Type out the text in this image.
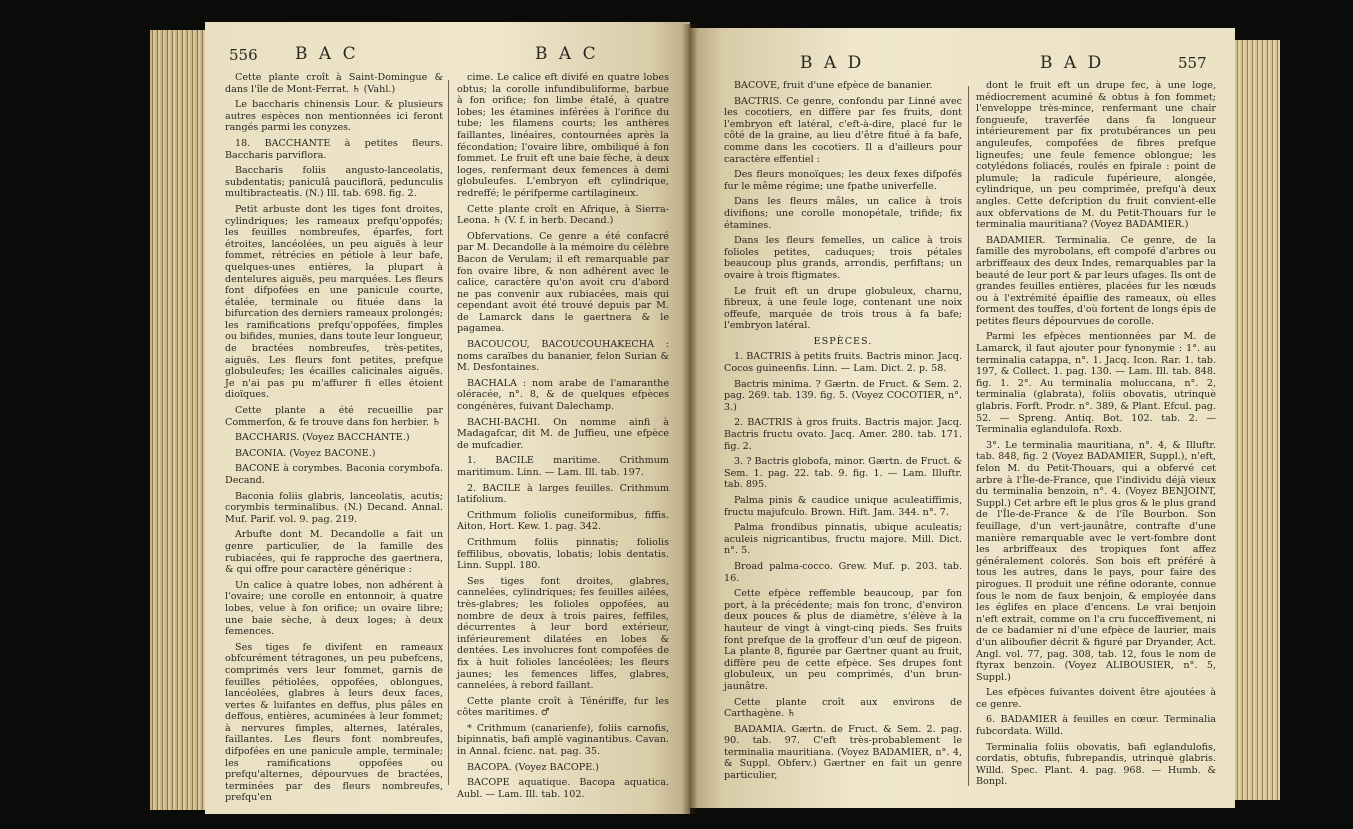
556 B A C	B A C

Cette plante croît à Saint-Domingue & dans l'île de Mont-Ferrat. ♄ (Vahl.)

Le baccharis chinensis Lour. & plusieurs autres espèces non mentionnées ici feront rangés parmi les conyzes.

18. BACCHANTE à petites fleurs. Baccharis parviflora.

Baccharis foliis angusto-lanceolatis, subdentatis; paniculâ paucifloră, pedunculis multibracteatis. (N.) Ill. tab. 698. fig. 2.

Petit arbuste dont les tiges font droites, cylindriques; les rameaux prefqu'oppofés; les feuilles nombreufes, éparfes, fort étroites, lancéolées, un peu aiguës à leur fommet, rétrécies en pétiole à leur bafe, quelques-unes entières, la plupart à dentelures aiguës, peu marquées. Les fleurs font difpofées en une panicule courte, étalée, terminale ou fituée dans la bifurcation des derniers rameaux prolongés; les ramifications prefqu'oppofées, fimples ou bifides, munies, dans toute leur longueur, de bractées nombreufes, très-petites, aiguës. Les fleurs font petites, prefque globuleufes; les écailles calicinales aiguës. Je n'ai pas pu m'affurer fi elles étoient dioïques.

Cette plante a été recueillie par Commerfon, & fe trouve dans fon herbier. ♄

BACCHARIS. (Voyez BACCHANTE.)

BACONIA. (Voyez BACONE.)

BACONE à corymbes. Baconia corymbofa. Decand.

Baconia foliis glabris, lanceolatis, acutis; corymbis terminalibus. (N.) Decand. Annal. Muf. Parif. vol. 9. pag. 219.

Arbufte dont M. Decandolle a fait un genre particulier, de la famille des rubiacées, qui fe rapproche des gaertnera, & qui offre pour caractère générique :

Un calice à quatre lobes, non adhérent à l'ovaire; une corolle en entonnoir, à quatre lobes, velue à fon orifice; un ovaire libre; une baie sèche, à deux loges; à deux femences.

Ses tiges fe divifent en rameaux obfcurément tétragones, un peu pubefcens, comprimés vers leur fommet, garnis de feuilles pétiolées, oppofées, oblongues, lancéolées, glabres à leurs deux faces, vertes & luifantes en deffus, plus pâles en deffous, entières, acuminées à leur fommet; à nervures fimples, alternes, latérales, faillantes. Les fleurs font nombreufes, difpofées en une panicule ample, terminale; les ramifications oppofées ou prefqu'alternes, dépourvues de bractées, terminées par des fleurs nombreufes, prefqu'en

cime. Le calice eft divifé en quatre lobes obtus; la corolle infundibuliforme, barbue à fon orifice; fon limbe étalé, à quatre lobes; les étamines inférées à l'orifice du tube; les filamens courts; les anthères faillantes, linéaires, contournées après la fécondation; l'ovaire libre, ombiliqué à fon fommet. Le fruit eft une baie fèche, à deux loges, renfermant deux femences à demi globuleufes. L'embryon eft cylindrique, redreffé; le périfperme cartilagineux.

Cette plante croît en Afrique, à Sierra-Leona. ♄ (V. f. in herb. Decand.)

Obfervations. Ce genre a été confacré par M. Decandolle à la mémoire du célèbre Bacon de Verulam; il eft remarquable par fon ovaire libre, & non adhérent avec le calice, caractère qu'on avoit cru d'abord ne pas convenir aux rubiacées, mais qui cependant avoit été trouvé depuis par M. de Lamarck dans le gaertnera & le pagamea.

BACOUCOU, BACOUCOUHAKECHA : noms caraïbes du bananier, felon Surian & M. Desfontaines.

BACHALA : nom arabe de l'amaranthe oléracée, n°. 8, & de quelques efpèces congénères, fuivant Dalechamp.

BACHI-BACHI. On nomme ainfi à Madagafcar, dit M. de Juffieu, une efpèce de mufcadier.

1. BACILE maritime. Crithmum maritimum. Linn. — Lam. Ill. tab. 197.

2. BACILE à larges feuilles. Crithmum latifolium.

Crithmum foliolis cuneiformibus, fiffis. Aiton, Hort. Kew. 1. pag. 342.

Crithmum foliis pinnatis; foliolis feffilibus, obovatis, lobatis; lobis dentatis. Linn. Suppl. 180.

Ses tiges font droites, glabres, cannelées, cylindriques; fes feuilles ailées, très-glabres; les folioles oppofées, au nombre de deux à trois paires, feffiles, décurrentes à leur bord extérieur, inférieurement dilatées en lobes & dentées. Les involucres font compofées de fix à huit folioles lancéolées; les fleurs jaunes; les femences liffes, glabres, cannelées, à rebord faillant.

Cette plante croît à Ténériffe, fur les côtes maritimes. ♂

* Crithmum (canarienfe), foliis carnofis, bipinnatis, bafi amplè vaginantibus. Cavan. in Annal. fcienc. nat. pag. 35.

BACOPA. (Voyez BACOPE.)

BACOPE aquatique. Bacopa aquatica. Aubl. — Lam. Ill. tab. 102.

B A D	B A D	557

BACOVE, fruit d'une efpèce de bananier.

BACTRIS. Ce genre, confondu par Linné avec les cocotiers, en diffère par fes fruits, dont l'embryon eft latéral, c'eft-à-dire, placé fur le côté de la graine, au lieu d'être fitué à fa bafe, comme dans les cocotiers. Il a d'ailleurs pour caractère effentiel :

Des fleurs monoïques; les deux fexes difpofés fur le même régime; une fpathe univerfelle.

Dans les fleurs mâles, un calice à trois divifions; une corolle monopétale, trifide; fix étamines.

Dans les fleurs femelles, un calice à trois folioles petites, caduques; trois pétales beaucoup plus grands, arrondis, perfiftans; un ovaire à trois ftigmates.

Le fruit eft un drupe globuleux, charnu, fibreux, à une feule loge, contenant une noix offeufe, marquée de trois trous à fa bafe; l'embryon latéral.

ESPÈCES.

1. BACTRIS à petits fruits. Bactris minor. Jacq. Cocos guineenfis. Linn. — Lam. Dict. 2. p. 58.

Bactris minima. ? Gærtn. de Fruct. & Sem. 2. pag. 269. tab. 139. fig. 5. (Voyez COCOTIER, n°. 3.)

2. BACTRIS à gros fruits. Bactris major. Jacq. Bactris fructu ovato. Jacq. Amer. 280. tab. 171. fig. 2.

3. ? Bactris globofa, minor. Gærtn. de Fruct. & Sem. 1. pag. 22. tab. 9. fig. 1. — Lam. Illuftr. tab. 895.

Palma pinis & caudice unique aculeatiffimis, fructu majufculo. Brown. Hift. Jam. 344. n°. 7.

Palma frondibus pinnatis, ubique aculeatis; aculeis nigricantibus, fructu majore. Mill. Dict. n°. 5.

Broad palma-cocco. Grew. Muf. p. 203. tab. 16.

Cette efpèce reffemble beaucoup, par fon port, à la précédente; mais fon tronc, d'environ deux pouces & plus de diamètre, s'élève à la hauteur de vingt à vingt-cinq pieds. Ses fruits font prefque de la groffeur d'un œuf de pigeon. La plante 8, figurée par Gærtner quant au fruit, diffère peu de cette efpèce. Ses drupes font globuleux, un peu comprimés, d'un brun-jaunâtre.

Cette plante croît aux environs de Carthagène. ♄

BADAMIA. Gærtn. de Fruct. & Sem. 2. pag. 90. tab. 97. C'eft très-probablement le terminalia mauritiana. (Voyez BADAMIER, n°. 4, & Suppl. Obferv.) Gærtner en fait un genre particulier,

dont le fruit eft un drupe fec, à une loge, médiocrement acuminé & obtus à fon fommet; l'enveloppe très-mince, renfermant une chair fongueufe, traverfée dans fa longueur intérieurement par fix protubérances un peu anguleufes, compofées de fibres prefque ligneufes; une feule femence oblongue; les cotylédons foliacés, roulés en fpirale : point de plumule; la radicule fupérieure, alongée, cylindrique, un peu comprimée, prefqu'à deux angles. Cette defcription du fruit convient-elle aux obfervations de M. du Petit-Thouars fur le terminalia mauritiana? (Voyez BADAMIER.)

BADAMIER. Terminalia. Ce genre, de la famille des myrobolans, eft compofé d'arbres ou arbriffeaux des deux Indes, remarquables par la beauté de leur port & par leurs ufages. Ils ont de grandes feuilles entières, placées fur les nœuds ou à l'extrémité épaiflie des rameaux, où elles forment des touffes, d'où fortent de longs épis de petites fleurs dépourvues de corolle.

Parmi les efpèces mentionnées par M. de Lamarck, il faut ajouter pour fynonymie : 1°. au terminalia catappa, n°. 1. Jacq. Icon. Rar. 1. tab. 197, & Collect. 1. pag. 130. — Lam. Ill. tab. 848. fig. 1. 2°. Au terminalia moluccana, n°. 2, terminalia (glabrata), foliis obovatis, utrinquè glabris. Forft. Prodr. n°. 389, & Plant. Efcul. pag. 52. — Spreng. Antiq. Bot. 102. tab. 2. — Terminalia eglandulofa. Roxb.

3°. Le terminalia mauritiana, n°. 4, & Illuftr. tab. 848, fig. 2 (Voyez BADAMIER, Suppl.), n'eft, felon M. du Petit-Thouars, qui a obfervé cet arbre à l'Île-de-France, que l'individu déjà vieux du terminalia benzoin, n°. 4. (Voyez BENJOINT, Suppl.) Cet arbre eft le plus gros & le plus grand de l'Île-de-France & de l'île Bourbon. Son feuillage, d'un vert-jaunâtre, contrafte d'une manière remarquable avec le vert-fombre dont les arbriffeaux des tropiques font affez généralement colorés. Son bois eft préféré à tous les autres, dans le pays, pour faire des pirogues. Il produit une réfine odorante, connue fous le nom de faux benjoin, & employée dans les églifes en place d'encens. Le vrai benjoin n'eft extrait, comme on l'a cru fucceffivement, ni de ce badamier ni d'une efpèce de laurier, mais d'un aliboufier décrit & figuré par Dryander, Act. Angl. vol. 77, pag. 308, tab. 12, fous le nom de ftyrax benzoin. (Voyez ALIBOUSIER, n°. 5, Suppl.)

Les efpèces fuivantes doivent être ajoutées à ce genre.

6. BADAMIER à feuilles en cœur. Terminalia fubcordata. Willd.

Terminalia foliis obovatis, bafi eglandulofis, cordatis, obtufis, fubrepandis, utrinquè glabris. Willd. Spec. Plant. 4. pag. 968. — Humb. & Bonpl.
